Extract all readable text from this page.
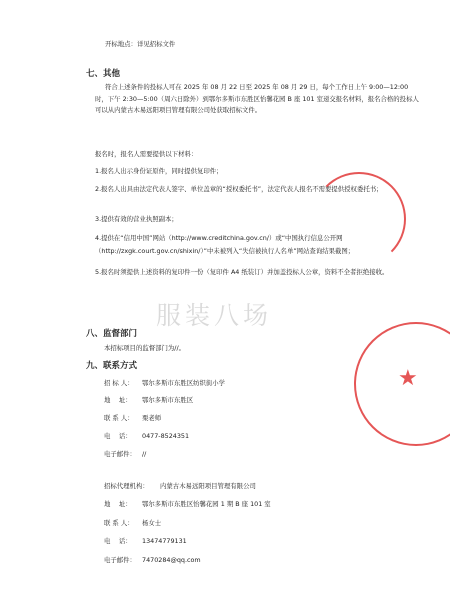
开标地点：详见招标文件
七、其他
符合上述条件的投标人可在 2025 年 08 月 22 日至 2025 年 08 月 29 日，每个工作日上午 9:00—12:00 时，下午 2:30—5:00（周六日除外）到鄂尔多斯市东胜区怡馨花园 B 座 101 室递交报名材料，报名合格的投标人可以从内蒙古木易远阳项目管理有限公司处获取招标文件。
报名时，报名人需要提供以下材料：
1.报名人出示身份证原件，同时提供复印件；
2.报名人出具由法定代表人签字、单位盖章的“授权委托书”，法定代表人报名不需要提供授权委托书；
3.提供有效的营业执照副本；
4.提供在“信用中国”网站（http://www.creditchina.gov.cn/）或“中国执行信息公开网（http://zxgk.court.gov.cn/shixin/）”中未被列入“失信被执行人名单”网站查询结果截图；
5.报名时须提供上述资料的复印件一份（复印件 A4 纸装订）并加盖投标人公章，资料不全者拒绝接收。
服装八场
八、监督部门
本招标项目的监督部门为//。
九、联系方式
招 标 人： 鄂尔多斯市东胜区纺织街小学
地　 址： 鄂尔多斯市东胜区
联 系 人： 栗老师
电　 话： 0477-8524351
电子邮件： //
招标代理机构： 内蒙古木易远阳项目管理有限公司
地　 址： 鄂尔多斯市东胜区怡馨花园 1 期 B 座 101 室
联 系 人： 杨女士
电　 话： 13474779131
电子邮件： 7470284@qq.com
★
